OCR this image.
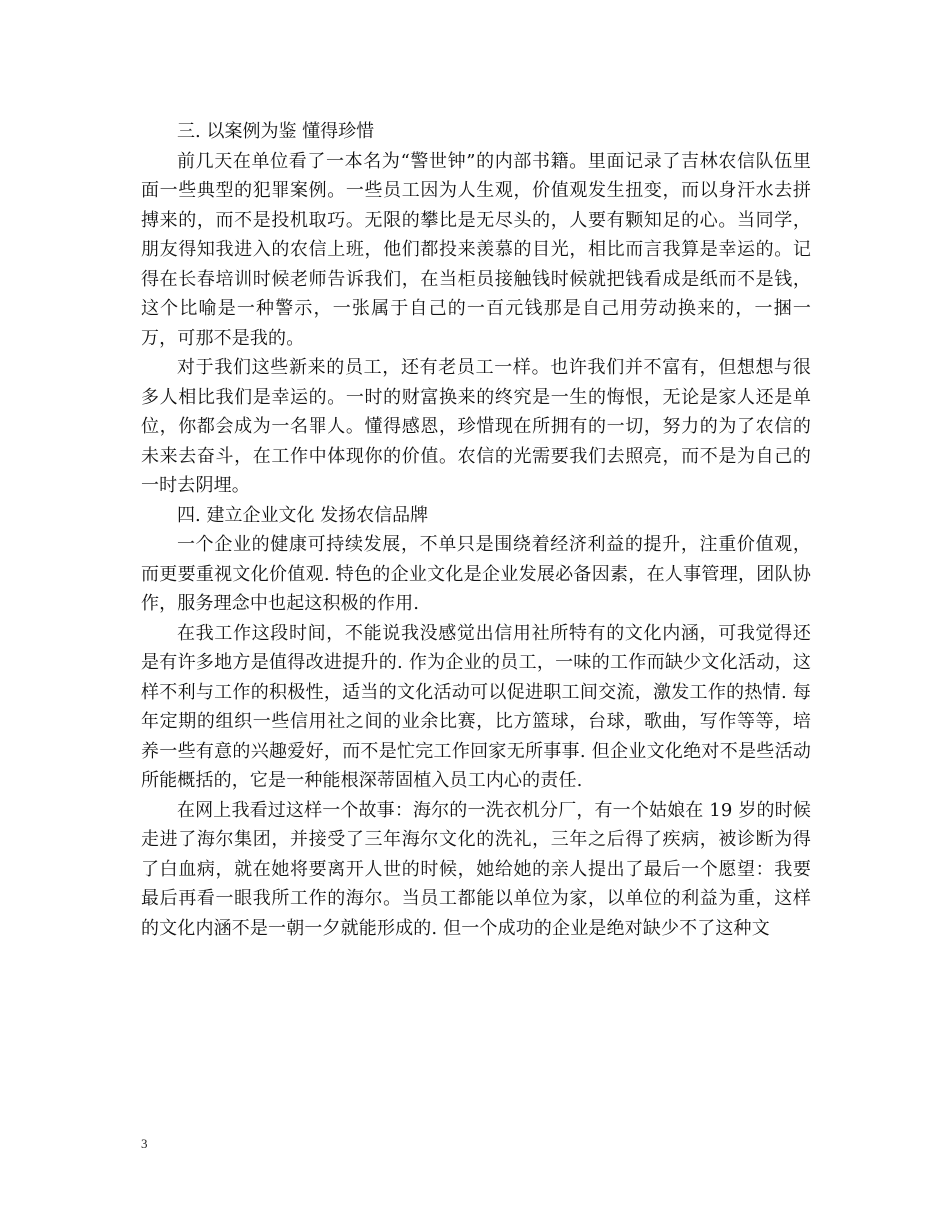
三. 以案例为鉴 懂得珍惜

前几天在单位看了一本名为“警世钟”的内部书籍。里面记录了吉林农信队伍里面一些典型的犯罪案例。一些员工因为人生观，价值观发生扭变，而以身汗水去拼搏来的，而不是投机取巧。无限的攀比是无尽头的，人要有颗知足的心。当同学，朋友得知我进入的农信上班，他们都投来羡慕的目光，相比而言我算是幸运的。记得在长春培训时候老师告诉我们，在当柜员接触钱时候就把钱看成是纸而不是钱，这个比喻是一种警示，一张属于自己的一百元钱那是自己用劳动换来的，一捆一万，可那不是我的。

对于我们这些新来的员工，还有老员工一样。也许我们并不富有，但想想与很多人相比我们是幸运的。一时的财富换来的终究是一生的悔恨，无论是家人还是单位，你都会成为一名罪人。懂得感恩，珍惜现在所拥有的一切，努力的为了农信的未来去奋斗，在工作中体现你的价值。农信的光需要我们去照亮，而不是为自己的一时去阴埋。

四. 建立企业文化 发扬农信品牌

一个企业的健康可持续发展，不单只是围绕着经济利益的提升，注重价值观，而更要重视文化价值观. 特色的企业文化是企业发展必备因素，在人事管理，团队协作，服务理念中也起这积极的作用.

在我工作这段时间，不能说我没感觉出信用社所特有的文化内涵，可我觉得还是有许多地方是值得改进提升的. 作为企业的员工，一味的工作而缺少文化活动，这样不利与工作的积极性，适当的文化活动可以促进职工间交流，激发工作的热情. 每年定期的组织一些信用社之间的业余比赛，比方篮球，台球，歌曲，写作等等，培养一些有意的兴趣爱好，而不是忙完工作回家无所事事. 但企业文化绝对不是些活动所能概括的，它是一种能根深蒂固植入员工内心的责任.

在网上我看过这样一个故事：海尔的一洗衣机分厂，有一个姑娘在 19 岁的时候走进了海尔集团，并接受了三年海尔文化的洗礼，三年之后得了疾病，被诊断为得了白血病，就在她将要离开人世的时候，她给她的亲人提出了最后一个愿望：我要最后再看一眼我所工作的海尔。当员工都能以单位为家，以单位的利益为重，这样的文化内涵不是一朝一夕就能形成的. 但一个成功的企业是绝对缺少不了这种文

3
